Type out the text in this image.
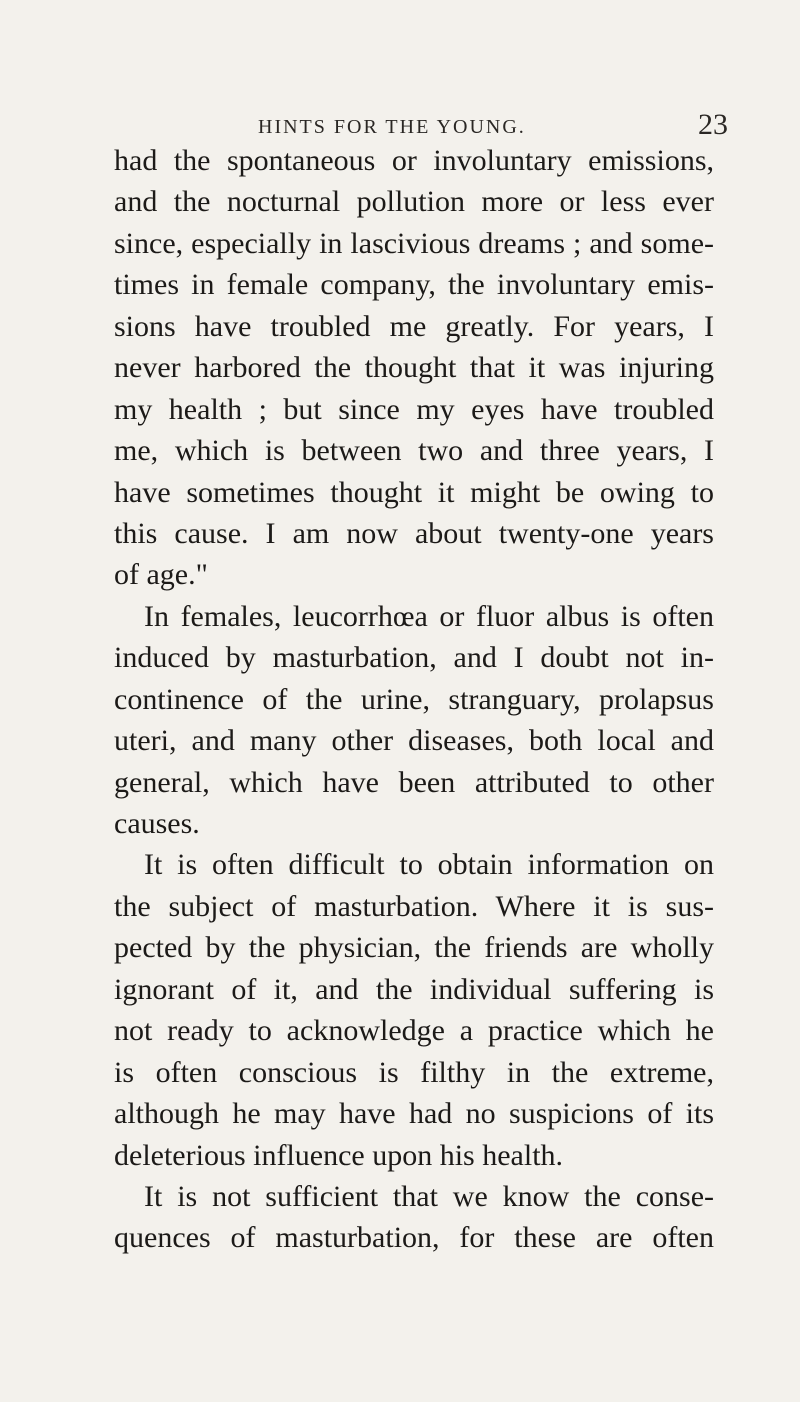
HINTS FOR THE YOUNG.	23
had the spontaneous or involuntary emissions,
and the nocturnal pollution more or less ever
since, especially in lascivious dreams ; and some-
times in female company, the involuntary emis-
sions have troubled me greatly. For years, I
never harbored the thought that it was injuring
my health ; but since my eyes have troubled
me, which is between two and three years, I
have sometimes thought it might be owing to
this cause. I am now about twenty-one years
of age."
In females, leucorrhœa or fluor albus is often
induced by masturbation, and I doubt not in-
continence of the urine, stranguary, prolapsus
uteri, and many other diseases, both local and
general, which have been attributed to other
causes.
It is often difficult to obtain information on
the subject of masturbation. Where it is sus-
pected by the physician, the friends are wholly
ignorant of it, and the individual suffering is
not ready to acknowledge a practice which he
is often conscious is filthy in the extreme,
although he may have had no suspicions of its
deleterious influence upon his health.
It is not sufficient that we know the conse-
quences of masturbation, for these are often
